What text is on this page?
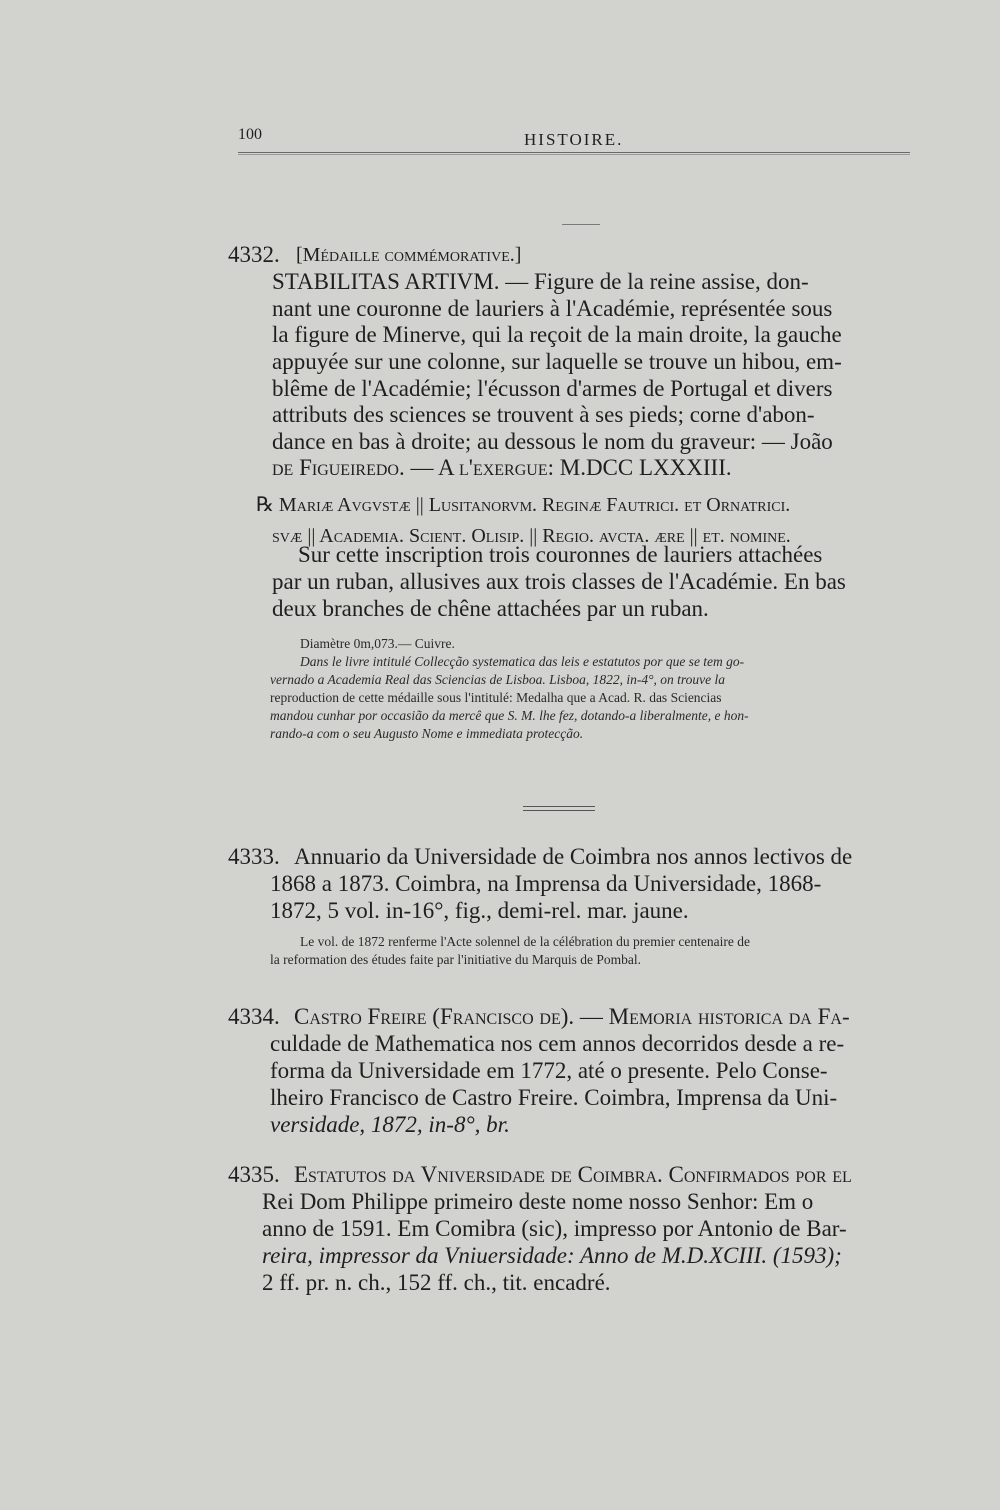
100	HISTOIRE.
4332. [Médaille commémorative.]
STABILITAS ARTIVM. — Figure de la reine assise, don-
nant une couronne de lauriers à l'Académie, représentée sous
la figure de Minerve, qui la reçoit de la main droite, la gauche
appuyée sur une colonne, sur laquelle se trouve un hibou, em-
blême de l'Académie; l'écusson d'armes de Portugal et divers
attributs des sciences se trouvent à ses pieds; corne d'abon-
dance en bas à droite; au dessous le nom du graveur: — João
de Figueiredo. — A l'exergue: M.DCC LXXXIII.
℞ Mariæ Avgvstæ || Lusitanorvm. Reginæ Fautrici. et Ornatrici.
svæ || Academia. Scient. Olisip. || Regio. avcta. ære || et. nomine.
Sur cette inscription trois couronnes de lauriers attachées
par un ruban, allusives aux trois classes de l'Académie. En bas
deux branches de chêne attachées par un ruban.
Diamètre 0m,073.— Cuivre.
Dans le livre intitulé Collecção systematica das leis e estatutos por que se tem go-
vernado a Academia Real das Sciencias de Lisboa. Lisboa, 1822, in-4°, on trouve la
reproduction de cette médaille sous l'intitulé: Medalha que a Acad. R. das Sciencias
mandou cunhar por occasião da mercê que S. M. lhe fez, dotando-a liberalmente, e hon-
rando-a com o seu Augusto Nome e immediata protecção.
4333. Annuario da Universidade de Coimbra nos annos lectivos de
1868 a 1873. Coimbra, na Imprensa da Universidade, 1868-
1872, 5 vol. in-16°, fig., demi-rel. mar. jaune.
Le vol. de 1872 renferme l'Acte solennel de la célébration du premier centenaire de
la reformation des études faite par l'initiative du Marquis de Pombal.
4334. Castro Freire (Francisco de). — Memoria historica da Fa-
culdade de Mathematica nos cem annos decorridos desde a re-
forma da Universidade em 1772, até o presente. Pelo Conse-
lheiro Francisco de Castro Freire. Coimbra, Imprensa da Uni-
versidade, 1872, in-8°, br.
4335. Estatutos da Vniversidade de Coimbra. Confirmados por el
Rei Dom Philippe primeiro deste nome nosso Senhor: Em o
anno de 1591. Em Comibra (sic), impresso por Antonio de Bar-
reira, impressor da Vniuersidade: Anno de M.D.XCIII. (1593);
2 ff. pr. n. ch., 152 ff. ch., tit. encadré.
